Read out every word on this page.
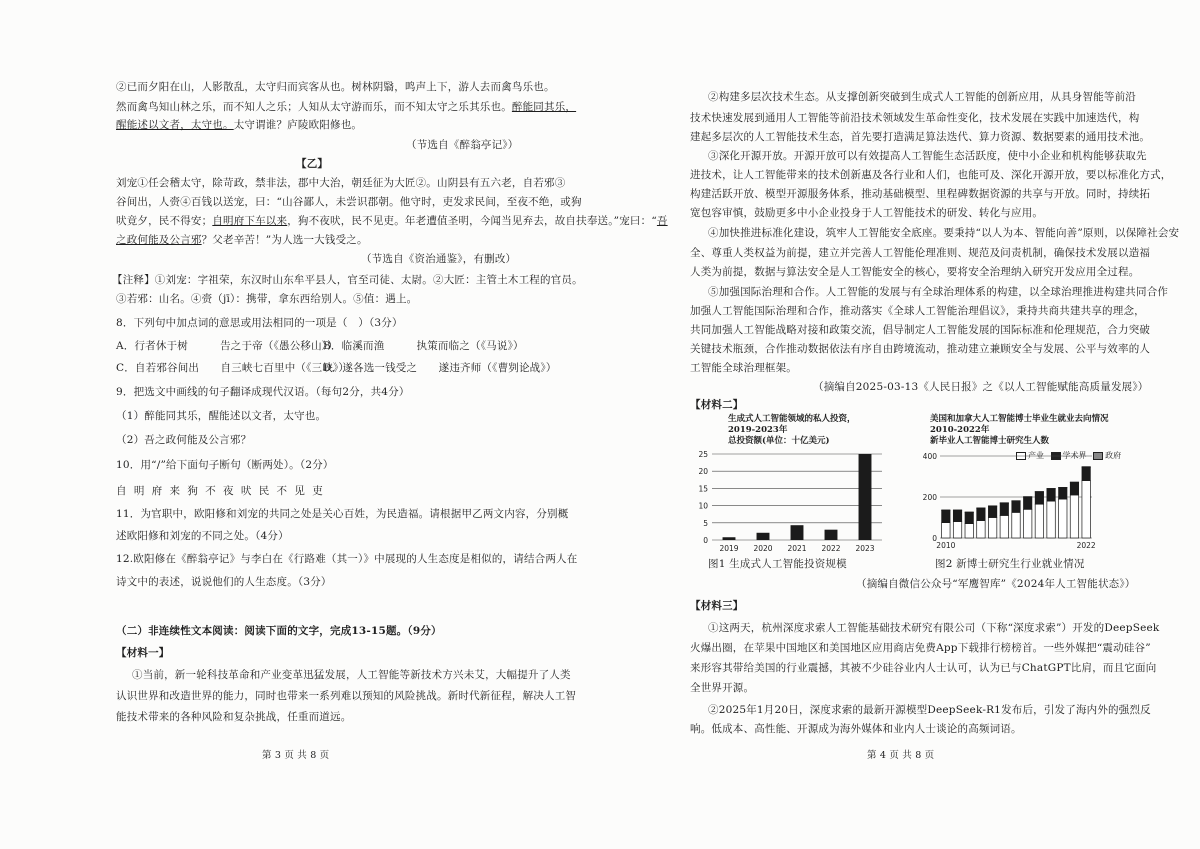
②已而夕阳在山，人影散乱，太守归而宾客从也。树林阴翳，鸣声上下，游人去而禽鸟乐也。
然而禽鸟知山林之乐，而不知人之乐；人知从太守游而乐，而不知太守之乐其乐也。醉能同其乐，
醒能述以文者，太守也。太守谓谁？庐陵欧阳修也。
（节选自《醉翁亭记》）
【乙】
刘宠①任会稽太守，除苛政，禁非法，郡中大治，朝廷征为大匠②。山阴县有五六老，自若邪③
谷间出，人赍④百钱以送宠，曰：“山谷鄙人，未尝识郡朝。他守时，吏发求民间，至夜不绝，或狗
吠竟夕，民不得安；自明府下车以来，狗不夜吠，民不见吏。年老遭值圣明，今闻当见弃去，故自扶奉送。”宠曰：“吾
之政何能及公言邪？父老辛苦！”为人选一大钱受之。
（节选自《资治通鉴》，有删改）
【注释】①刘宠：字祖荣，东汉时山东牟平县人，官至司徒、太尉。②大匠：主管土木工程的官员。
③若邪：山名。④赍（jī）：携带，拿东西给别人。⑤值：遇上。
8．下列句中加点词的意思或用法相同的一项是（　）（3分）
A．行者休于树　　　告之于帝（《愚公移山》）
B．临溪而渔　　　执策而临之（《马说》）
C．自若邪谷间出　　自三峡七百里中（《三峡》）
D．遂各选一钱受之　　遂违齐师（《曹刿论战》）
9．把选文中画线的句子翻译成现代汉语。（每句2分，共4分）
（1）醉能同其乐，醒能述以文者，太守也。
（2）吾之政何能及公言邪？
10．用“/”给下面句子断句（断两处）。（2分）
自 明 府 来 狗 不 夜 吠 民 不 见 吏
11．为官职中，欧阳修和刘宠的共同之处是关心百姓，为民造福。请根据甲乙两文内容，分别概
述欧阳修和刘宠的不同之处。（4分）
12.欧阳修在《醉翁亭记》与李白在《行路难（其一）》中展现的人生态度是相似的，请结合两人在
诗文中的表述，说说他们的人生态度。（3分）
（二）非连续性文本阅读：阅读下面的文字，完成13-15题。（9分）
【材料一】
①当前，新一轮科技革命和产业变革迅猛发展，人工智能等新技术方兴未艾，大幅提升了人类
认识世界和改造世界的能力，同时也带来一系列难以预知的风险挑战。新时代新征程，解决人工智
能技术带来的各种风险和复杂挑战，任重而道远。
第 3 页 共 8 页
②构建多层次技术生态。从支撑创新突破到生成式人工智能的创新应用，从具身智能等前沿
技术快速发展到通用人工智能等前沿技术领域发生革命性变化，技术发展在实践中加速迭代，构
建起多层次的人工智能技术生态，首先要打造满足算法迭代、算力资源、数据要素的通用技术池。
③深化开源开放。开源开放可以有效提高人工智能生态活跃度，使中小企业和机构能够获取先
进技术，让人工智能带来的技术创新惠及各行业和人们，也能可及、深化开源开放，要以标准化方式，
构建活跃开放、模型开源服务体系，推动基础模型、里程碑数据资源的共享与开放。同时，持续拓
宽包容审慎，鼓励更多中小企业投身于人工智能技术的研发、转化与应用。
④加快推进标准化建设，筑牢人工智能安全底座。要秉持“以人为本、智能向善”原则，以保障社会安
全、尊重人类权益为前提，建立并完善人工智能伦理准则、规范及问责机制，确保技术发展以造福
人类为前提，数据与算法安全是人工智能安全的核心，要将安全治理纳入研究开发应用全过程。
⑤加强国际治理和合作。人工智能的发展与有全球治理体系的构建，以全球治理推进构建共同合作
加强人工智能国际治理和合作，推动落实《全球人工智能治理倡议》，秉持共商共建共享的理念，
共同加强人工智能战略对接和政策交流，倡导制定人工智能发展的国际标准和伦理规范，合力突破
关键技术瓶颈，合作推动数据依法有序自由跨境流动，推动建立兼顾安全与发展、公平与效率的人
工智能全球治理框架。
（摘编自2025-03-13《人民日报》之《以人工智能赋能高质量发展》）
【材料二】
生成式人工智能领域的私人投资，
2019-2023年
总投资额(单位：十亿美元)
0
5
10
15
20
25
2019 2020 2021 2022 2023
美国和加拿大人工智能博士毕业生就业去向情况
2010-2022年
新毕业人工智能博士研究生人数
产业 学术界 政府
0
200
400
2010	2022
图1 生成式人工智能投资规模	图2 新博士研究生行业就业情况
（摘编自微信公众号“军鹰智库”《2024年人工智能状态》）
【材料三】
①这两天，杭州深度求索人工智能基础技术研究有限公司（下称“深度求索”）开发的DeepSeek
火爆出圈，在苹果中国地区和美国地区应用商店免费App下载排行榜榜首。一些外媒把“震动硅谷”
来形容其带给美国的行业震撼，其被不少硅谷业内人士认可，认为已与ChatGPT比肩，而且它面向
全世界开源。
②2025年1月20日，深度求索的最新开源模型DeepSeek-R1发布后，引发了海内外的强烈反
响。低成本、高性能、开源成为海外媒体和业内人士谈论的高频词语。
第 4 页 共 8 页
